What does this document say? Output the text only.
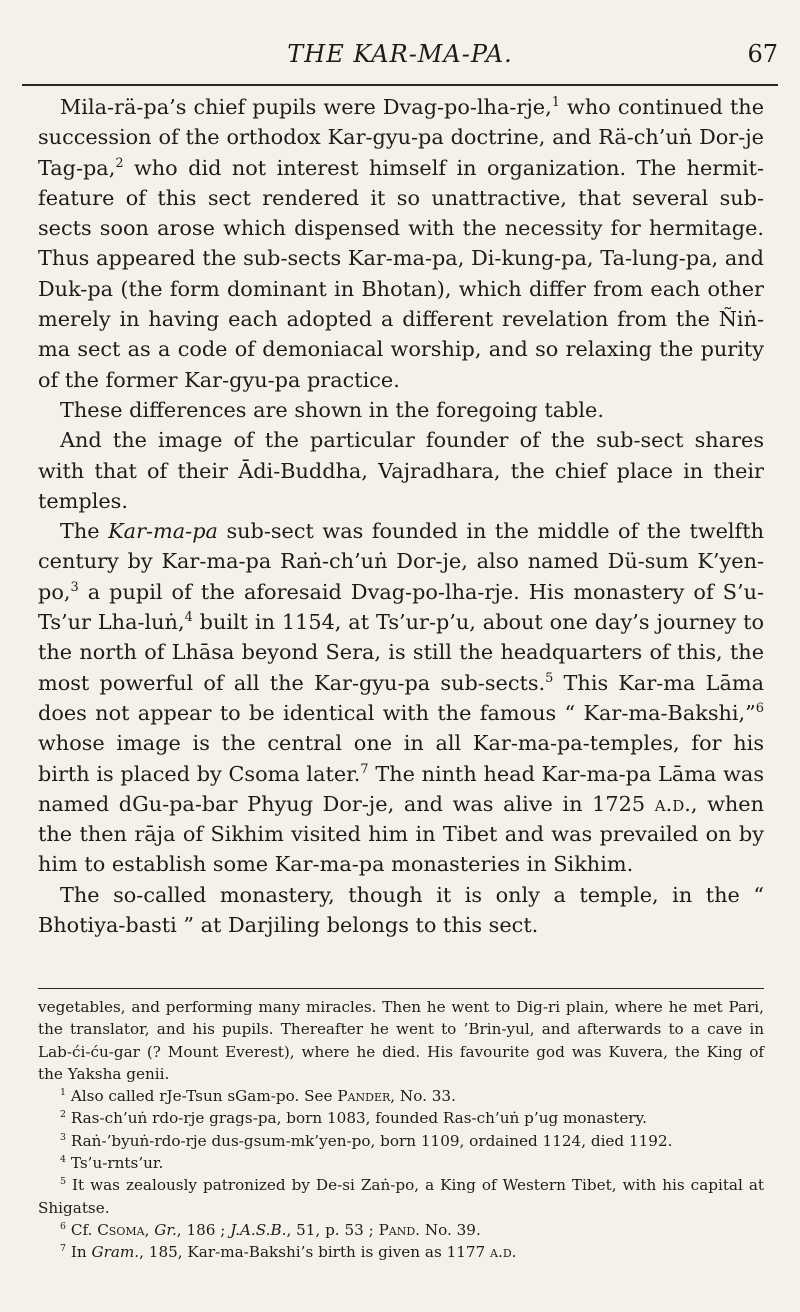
THE KAR-MA-PA.	67

Mila-rä-pa’s chief pupils were Dvag-po-lha-rje,$^1$ who continued the succession of the orthodox Kar-gyu-pa doctrine, and Rä-ch’uṅ Dor-je Tag-pa,$^2$ who did not interest himself in organization. The hermit-feature of this sect rendered it so unattractive, that several sub-sects soon arose which dispensed with the necessity for hermitage. Thus appeared the sub-sects Kar-ma-pa, Di-kung-pa, Ta-lung-pa, and Duk-pa (the form dominant in Bhotan), which differ from each other merely in having each adopted a different revelation from the Ñiṅ-ma sect as a code of demoniacal worship, and so relaxing the purity of the former Kar-gyu-pa practice.

These differences are shown in the foregoing table.

And the image of the particular founder of the sub-sect shares with that of their Ādi-Buddha, Vajradhara, the chief place in their temples.

The Kar-ma-pa sub-sect was founded in the middle of the twelfth century by Kar-ma-pa Raṅ-ch’uṅ Dor-je, also named Dü-sum K’yen-po,$^3$ a pupil of the aforesaid Dvag-po-lha-rje. His monastery of S’u-Ts’ur Lha-luṅ,$^4$ built in 1154, at Ts’ur-p’u, about one day’s journey to the north of Lhāsa beyond Sera, is still the headquarters of this, the most powerful of all the Kar-gyu-pa sub-sects.$^5$ This Kar-ma Lāma does not appear to be identical with the famous “ Kar-ma-Bakshi,”$^6$ whose image is the central one in all Kar-ma-pa-temples, for his birth is placed by Csoma later.$^7$ The ninth head Kar-ma-pa Lāma was named dGu-pa-bar Phyug Dor-je, and was alive in 1725 a.d., when the then rāja of Sikhim visited him in Tibet and was prevailed on by him to establish some Kar-ma-pa monasteries in Sikhim.

The so-called monastery, though it is only a temple, in the “ Bhotiya-basti ” at Darjiling belongs to this sect.

vegetables, and performing many miracles. Then he went to Dig-ri plain, where he met Pari, the translator, and his pupils. Thereafter he went to ’Brin-yul, and afterwards to a cave in Lab-ći-ću-gar (? Mount Everest), where he died. His favourite god was Kuvera, the King of the Yaksha genii.

$^1$ Also called rJe-Tsun sGam-po. See Pander, No. 33.

$^2$ Ras-ch’uṅ rdo-rje grags-pa, born 1083, founded Ras-ch’uṅ p’ug monastery.

$^3$ Raṅ-’byuṅ-rdo-rje dus-gsum-mk’yen-po, born 1109, ordained 1124, died 1192.

$^4$ Ts’u-rnts’ur.

$^5$ It was zealously patronized by De-si Zaṅ-po, a King of Western Tibet, with his capital at Shigatse.

$^6$ Cf. Csoma, Gr., 186 ; J.A.S.B., 51, p. 53 ; Pand. No. 39.

$^7$ In Gram., 185, Kar-ma-Bakshi’s birth is given as 1177 a.d.
